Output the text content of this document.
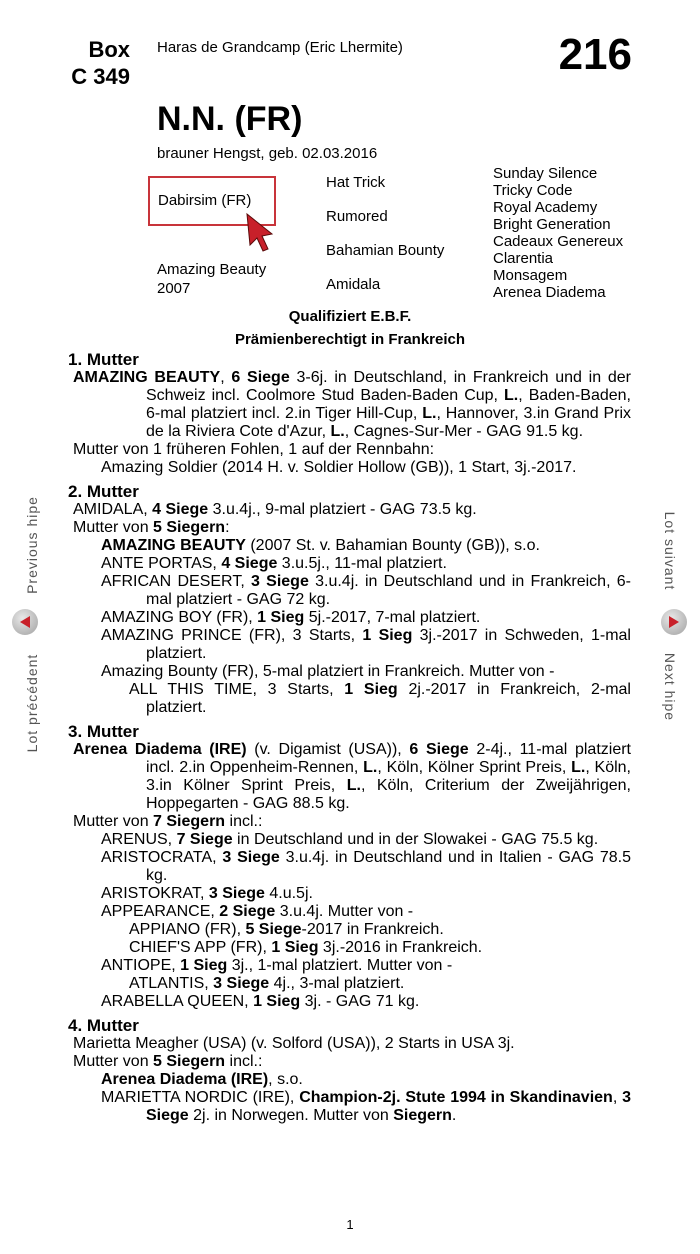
Box
C 349
Haras de Grandcamp (Eric Lhermite)	216
N.N. (FR)
brauner Hengst, geb. 02.03.2016
Dabirsim (FR)
Amazing Beauty
2007
Hat Trick
Rumored
Bahamian Bounty
Amidala
Sunday Silence
Tricky Code
Royal Academy
Bright Generation
Cadeaux Genereux
Clarentia
Monsagem
Arenea Diadema
Qualifiziert E.B.F.
Prämienberechtigt in Frankreich
Previous hipe
Lot précédent
Lot suivant
Next hipe
1. Mutter
AMAZING BEAUTY, 6 Siege 3-6j. in Deutschland, in Frankreich und in der Schweiz incl. Coolmore Stud Baden-Baden Cup, L., Baden-Baden, 6-mal platziert incl. 2.in Tiger Hill-Cup, L., Hannover, 3.in Grand Prix de la Riviera Cote d'Azur, L., Cagnes-Sur-Mer - GAG 91.5 kg.
Mutter von 1 früheren Fohlen, 1 auf der Rennbahn:
Amazing Soldier (2014 H. v. Soldier Hollow (GB)), 1 Start, 3j.-2017.
2. Mutter
AMIDALA, 4 Siege 3.u.4j., 9-mal platziert - GAG 73.5 kg.
Mutter von 5 Siegern:
AMAZING BEAUTY (2007 St. v. Bahamian Bounty (GB)), s.o.
ANTE PORTAS, 4 Siege 3.u.5j., 11-mal platziert.
AFRICAN DESERT, 3 Siege 3.u.4j. in Deutschland und in Frankreich, 6-mal platziert - GAG 72 kg.
AMAZING BOY (FR), 1 Sieg 5j.-2017, 7-mal platziert.
AMAZING PRINCE (FR), 3 Starts, 1 Sieg 3j.-2017 in Schweden, 1-mal platziert.
Amazing Bounty (FR), 5-mal platziert in Frankreich. Mutter von -
ALL THIS TIME, 3 Starts, 1 Sieg 2j.-2017 in Frankreich, 2-mal platziert.
3. Mutter
Arenea Diadema (IRE) (v. Digamist (USA)), 6 Siege 2-4j., 11-mal platziert incl. 2.in Oppenheim-Rennen, L., Köln, Kölner Sprint Preis, L., Köln, 3.in Kölner Sprint Preis, L., Köln, Criterium der Zweijährigen, Hoppegarten - GAG 88.5 kg.
Mutter von 7 Siegern incl.:
ARENUS, 7 Siege in Deutschland und in der Slowakei - GAG 75.5 kg.
ARISTOCRATA, 3 Siege 3.u.4j. in Deutschland und in Italien - GAG 78.5 kg.
ARISTOKRAT, 3 Siege 4.u.5j.
APPEARANCE, 2 Siege 3.u.4j. Mutter von -
APPIANO (FR), 5 Siege-2017 in Frankreich.
CHIEF'S APP (FR), 1 Sieg 3j.-2016 in Frankreich.
ANTIOPE, 1 Sieg 3j., 1-mal platziert. Mutter von -
ATLANTIS, 3 Siege 4j., 3-mal platziert.
ARABELLA QUEEN, 1 Sieg 3j. - GAG 71 kg.
4. Mutter
Marietta Meagher (USA) (v. Solford (USA)), 2 Starts in USA 3j.
Mutter von 5 Siegern incl.:
Arenea Diadema (IRE), s.o.
MARIETTA NORDIC (IRE), Champion-2j. Stute 1994 in Skandinavien, 3 Siege 2j. in Norwegen. Mutter von Siegern.
1
